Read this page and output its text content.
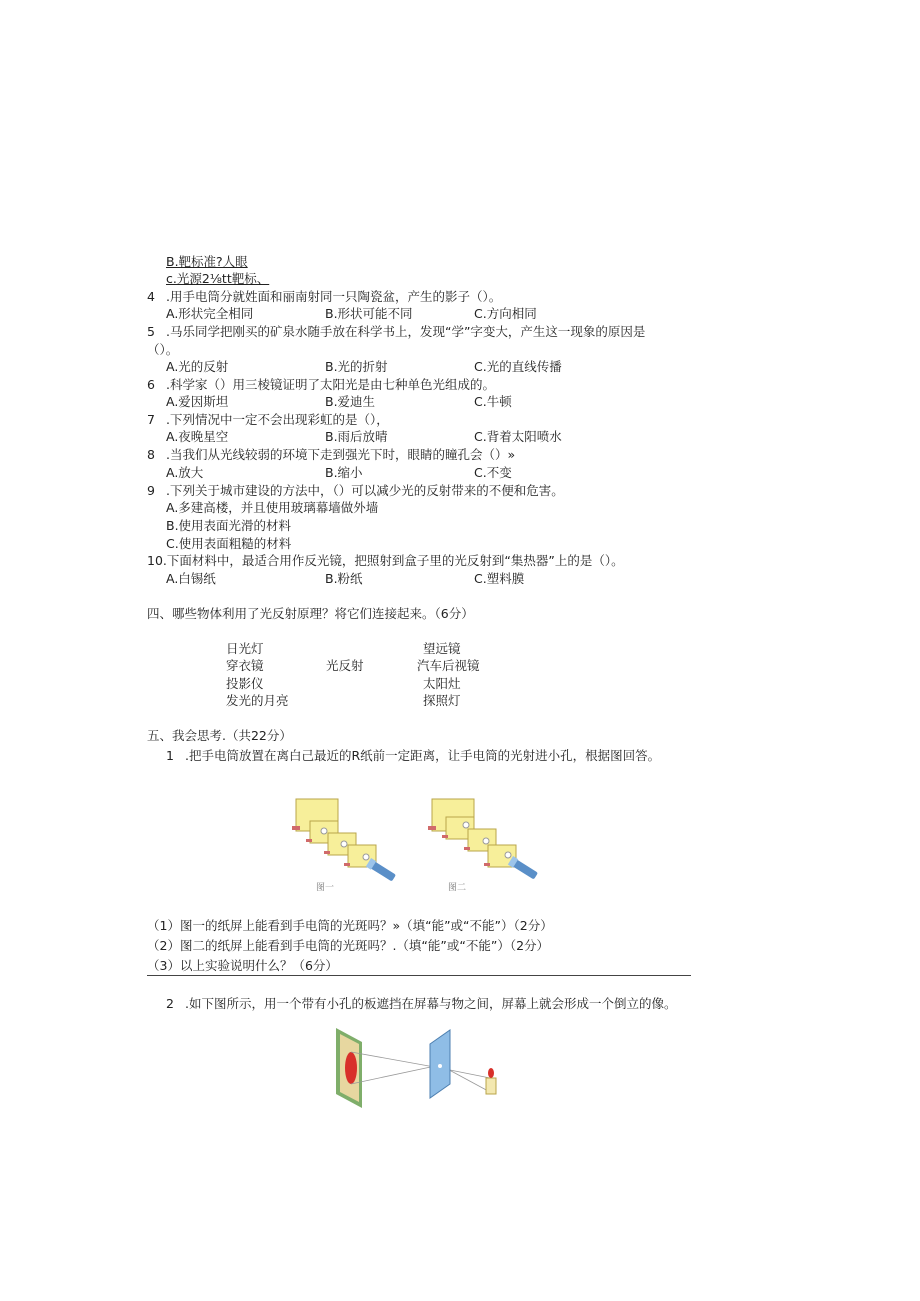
B.靶标准?人眼
c.光源2⅛tt靶标、
4 .用手电筒分就姓面和丽南射同一只陶瓷盆，产生的影子（）。
A.形状完全相同	B.形状可能不同	C.方向相同
5 .马乐同学把刚买的矿泉水随手放在科学书上，发现“学”字变大，产生这一现象的原因是
（）。
A.光的反射	B.光的折射	C.光的直线传播
6 .科学家（）用三棱镜证明了太阳光是由七种单色光组成的。
A.爱因斯坦	B.爱迪生	C.牛顿
7 .下列情况中一定不会出现彩虹的是（），
A.夜晚星空	B.雨后放晴	C.背着太阳喷水
8 .当我们从光线较弱的环境下走到强光下时，眼睛的瞳孔会（）»
A.放大	B.缩小	C.不变
9 .下列关于城市建设的方法中，（）可以减少光的反射带来的不便和危害。
A.多建高楼，并且使用玻璃幕墙做外墙
B.使用表面光滑的材料
C.使用表面粗糙的材料
10.下面材料中，最适合用作反光镜，把照射到盒子里的光反射到“集热器”上的是（）。
A.白锡纸	B.粉纸	C.塑料膜
四、哪些物体利用了光反射原理？将它们连接起来。（6分）
日光灯
穿衣镜
投影仪
发光的月亮
光反射
望远镜
汽车后视镜
太阳灶
探照灯
五、我会思考.（共22分）
1 .把手电筒放置在离白己最近的R纸前一定距离，让手电筒的光射进小孔，根据图回答。
图一	图二
（1）图一的纸屏上能看到手电筒的光斑吗？»（填“能”或“不能”）（2分）
（2）图二的纸屏上能看到手电筒的光斑吗？.（填“能”或“不能”）（2分）
（3）以上实验说明什么？（6分）
2 .如下图所示，用一个带有小孔的板遮挡在屏幕与物之间，屏幕上就会形成一个倒立的像。
